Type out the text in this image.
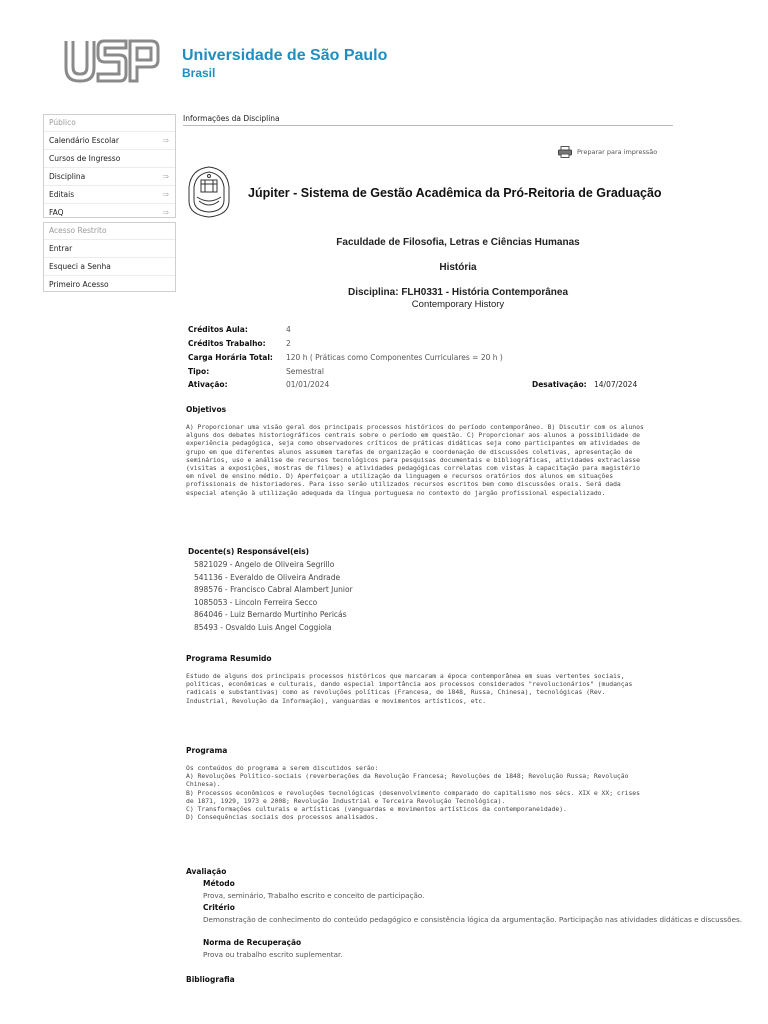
Universidade de São Paulo
Brasil
Público
Calendário Escolar	⇒
Cursos de Ingresso
Disciplina	⇒
Editais	⇒
FAQ	⇒
Acesso Restrito
Entrar
Esqueci a Senha
Primeiro Acesso
Informações da Disciplina
Preparar para impressão
Júpiter - Sistema de Gestão Acadêmica da Pró-Reitoria de Graduação
Faculdade de Filosofia, Letras e Ciências Humanas
História
Disciplina: FLH0331 - História Contemporânea
Contemporary History
Créditos Aula:	4
Créditos Trabalho:	2
Carga Horária Total: 120 h ( Práticas como Componentes Curriculares = 20 h )
Tipo:	Semestral
Ativação:	01/01/2024	Desativação: 14/07/2024
Objetivos
A) Proporcionar uma visão geral dos principais processos históricos do período contemporâneo. B) Discutir com os alunos
alguns dos debates historiográficos centrais sobre o período em questão. C) Proporcionar aos alunos a possibilidade de
experiência pedagógica, seja como observadores críticos de práticas didáticas seja como participantes em atividades de
grupo em que diferentes alunos assumem tarefas de organização e coordenação de discussões coletivas, apresentação de
seminários, uso e análise de recursos tecnológicos para pesquisas documentais e bibliográficas, atividades extraclasse
(visitas a exposições, mostras de filmes) e atividades pedagógicas correlatas com vistas à capacitação para magistério
em nível de ensino médio. D) Aperfeiçoar a utilização da linguagem e recursos oratórios dos alunos em situações
profissionais de historiadores. Para isso serão utilizados recursos escritos bem como discussões orais. Será dada
especial atenção à utilização adequada da língua portuguesa no contexto do jargão profissional especializado.
Docente(s) Responsável(eis)
5821029 - Angelo de Oliveira Segrillo
541136 - Everaldo de Oliveira Andrade
898576 - Francisco Cabral Alambert Junior
1085053 - Lincoln Ferreira Secco
864046 - Luiz Bernardo Murtinho Pericás
85493 - Osvaldo Luis Angel Coggiola
Programa Resumido
Estudo de alguns dos principais processos históricos que marcaram a época contemporânea em suas vertentes sociais,
políticas, econômicas e culturais, dando especial importância aos processos considerados "revolucionários" (mudanças
radicais e substantivas) como as revoluções políticas (Francesa, de 1848, Russa, Chinesa), tecnológicas (Rev.
Industrial, Revolução da Informação), vanguardas e movimentos artísticos, etc.
Programa
Os conteúdos do programa a serem discutidos serão:
A) Revoluções Político-sociais (reverberações da Revolução Francesa; Revoluções de 1848; Revolução Russa; Revolução
Chinesa).
B) Processos econômicos e revoluções tecnológicas (desenvolvimento comparado do capitalismo nos sécs. XIX e XX; crises
de 1871, 1929, 1973 e 2008; Revolução Industrial e Terceira Revolução Tecnológica).
C) Transformações culturais e artísticas (vanguardas e movimentos artísticos da contemporaneidade).
D) Consequências sociais dos processos analisados.
Avaliação
Método
Prova, seminário, Trabalho escrito e conceito de participação.
Critério
Demonstração de conhecimento do conteúdo pedagógico e consistência lógica da argumentação. Participação nas atividades didáticas e discussões.
Norma de Recuperação
Prova ou trabalho escrito suplementar.
Bibliografia
